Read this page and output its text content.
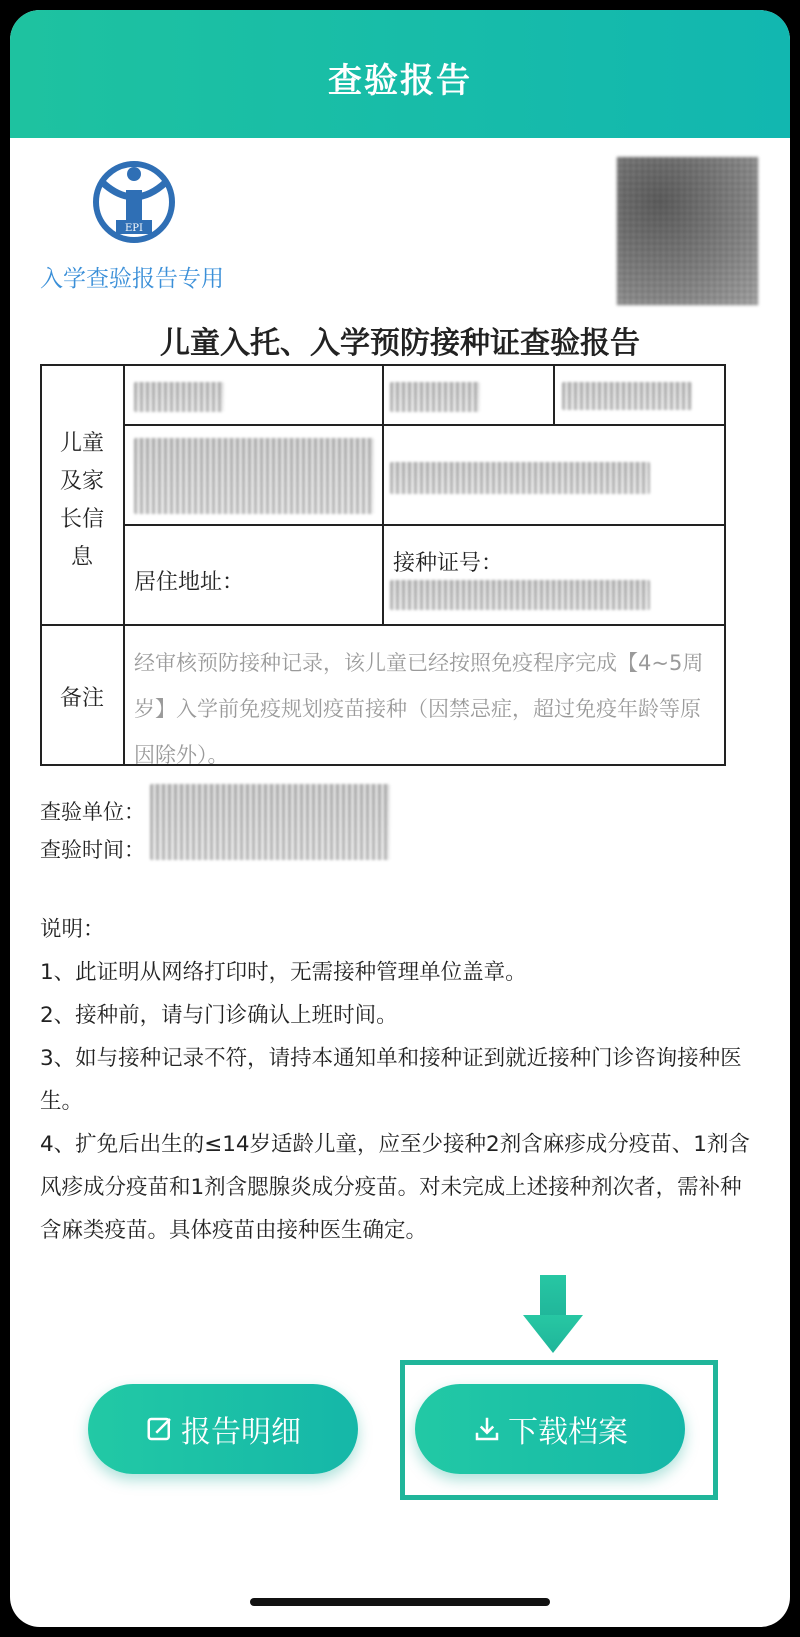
查验报告
EPI
入学查验报告专用
儿童入托、入学预防接种证查验报告
儿童及家长信息
居住地址：
接种证号：
备注
经审核预防接种记录，该儿童已经按照免疫程序完成【4~5周岁】入学前免疫规划疫苗接种（因禁忌症，超过免疫年龄等原因除外）。
查验单位：
查验时间：

说明：

1、此证明从网络打印时，无需接种管理单位盖章。

2、接种前，请与门诊确认上班时间。

3、如与接种记录不符，请持本通知单和接种证到就近接种门诊咨询接种医生。

4、扩免后出生的≤14岁适龄儿童，应至少接种2剂含麻疹成分疫苗、1剂含风疹成分疫苗和1剂含腮腺炎成分疫苗。对未完成上述接种剂次者，需补种含麻类疫苗。具体疫苗由接种医生确定。

报告明细	下载档案
